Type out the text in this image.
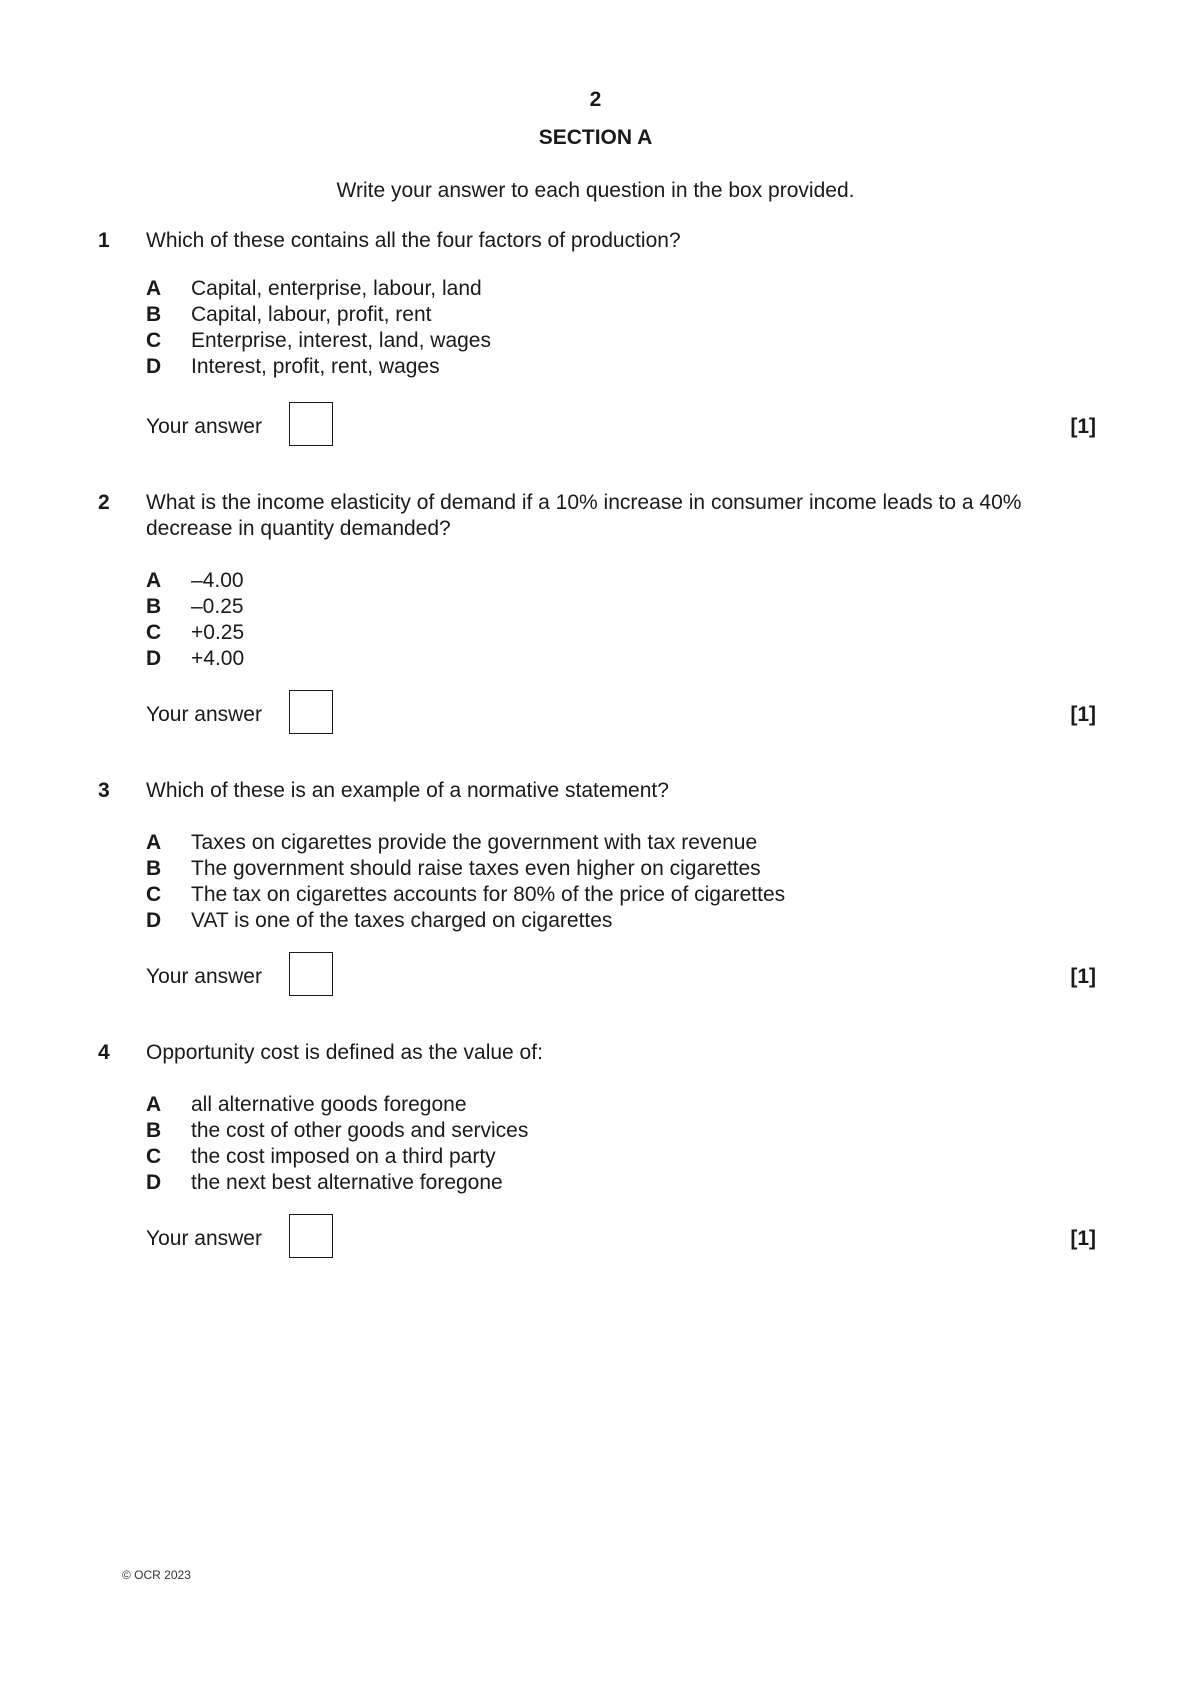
2
SECTION A
Write your answer to each question in the box provided.
1 Which of these contains all the four factors of production?
A Capital, enterprise, labour, land
B Capital, labour, profit, rent
C Enterprise, interest, land, wages
D Interest, profit, rent, wages
Your answer	[1]
2 What is the income elasticity of demand if a 10% increase in consumer income leads to a 40% decrease in quantity demanded?
A –4.00
B –0.25
C +0.25
D +4.00
Your answer	[1]
3 Which of these is an example of a normative statement?
A Taxes on cigarettes provide the government with tax revenue
B The government should raise taxes even higher on cigarettes
C The tax on cigarettes accounts for 80% of the price of cigarettes
D VAT is one of the taxes charged on cigarettes
Your answer	[1]
4 Opportunity cost is defined as the value of:
A all alternative goods foregone
B the cost of other goods and services
C the cost imposed on a third party
D the next best alternative foregone
Your answer	[1]
© OCR 2023
